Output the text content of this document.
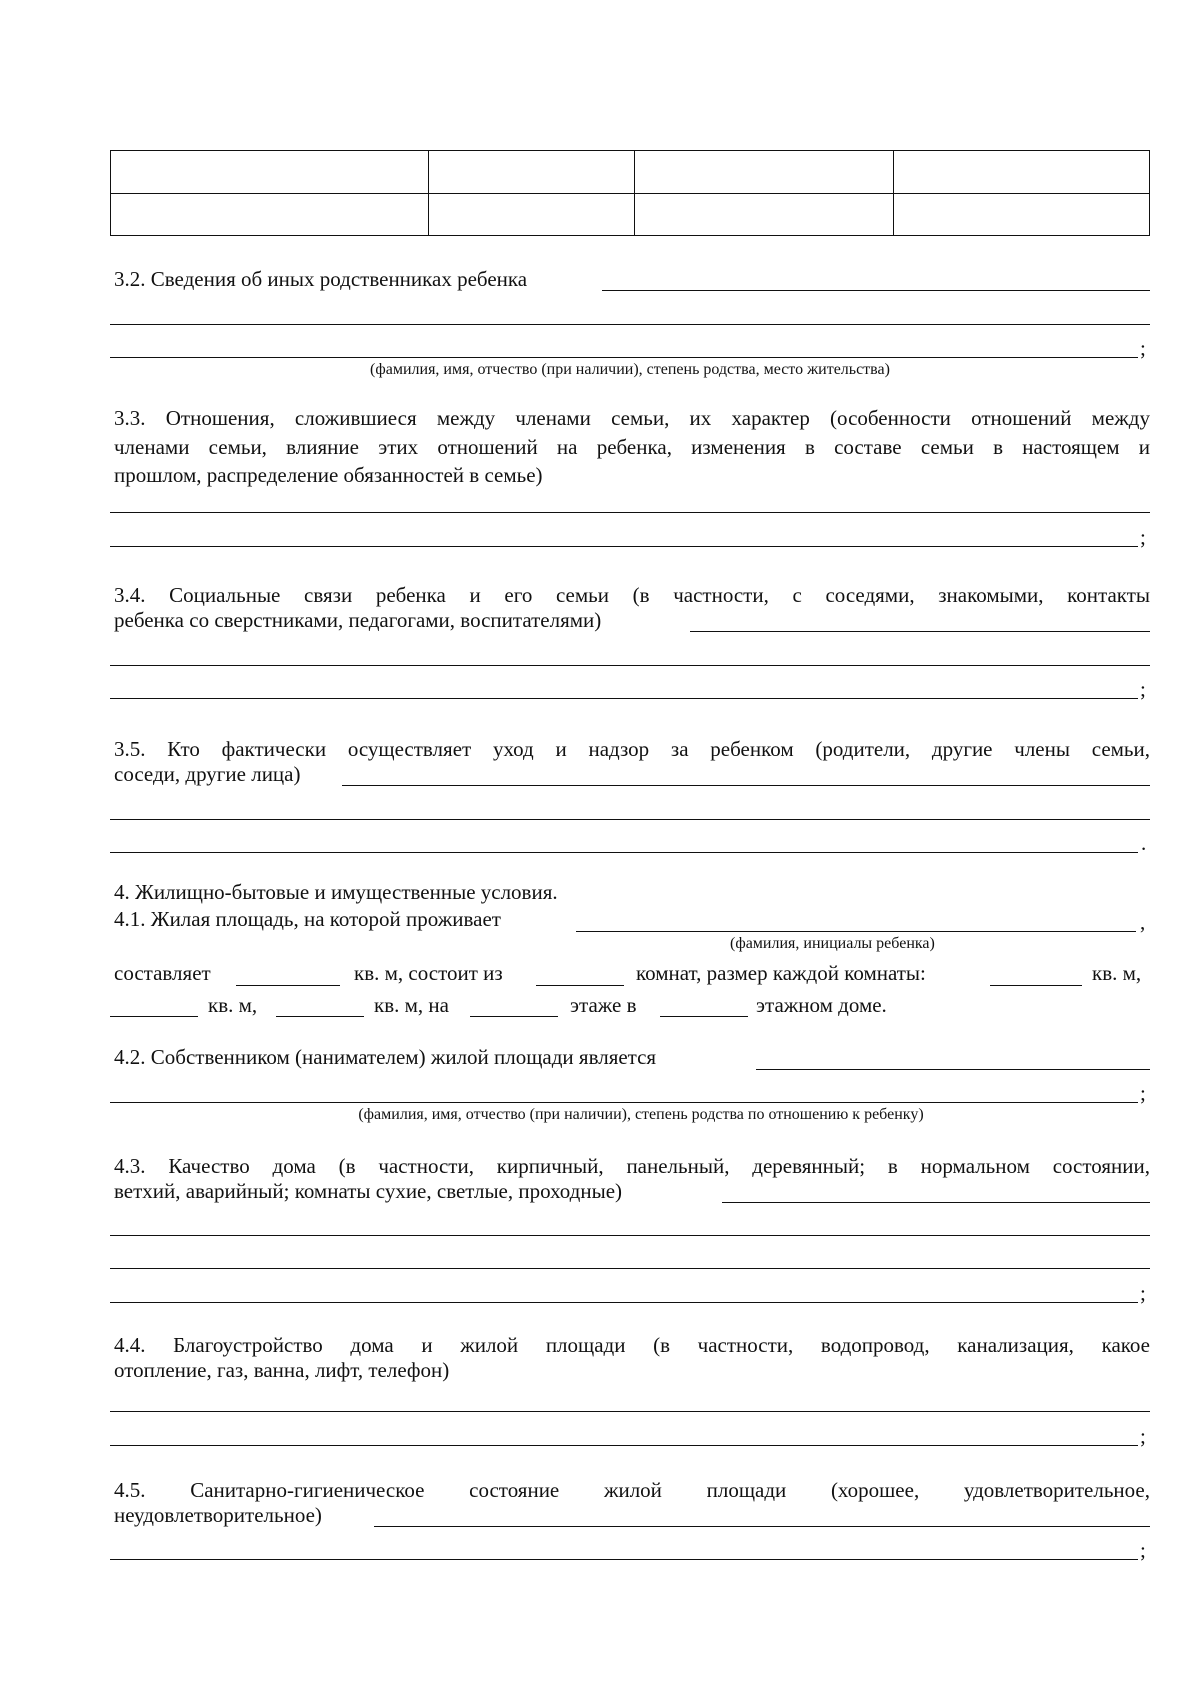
3.2. Сведения об иных родственниках ребенка
;
(фамилия, имя, отчество (при наличии), степень родства, место жительства)
3.3. Отношения, сложившиеся между членами семьи, их характер (особенности отношений между
членами семьи, влияние этих отношений на ребенка, изменения в составе семьи в настоящем и
прошлом, распределение обязанностей в семье)
;
3.4. Социальные связи ребенка и его семьи (в частности, с соседями, знакомыми, контакты
ребенка со сверстниками, педагогами, воспитателями)
;
3.5. Кто фактически осуществляет уход и надзор за ребенком (родители, другие члены семьи,
соседи, другие лица)
.
4. Жилищно-бытовые и имущественные условия.
4.1. Жилая площадь, на которой проживает	,
(фамилия, инициалы ребенка)
составляет	кв. м, состоит из	комнат, размер каждой комнаты:	кв. м,
кв. м,	кв. м, на	этаже в	этажном доме.
4.2. Собственником (нанимателем) жилой площади является
;
(фамилия, имя, отчество (при наличии), степень родства по отношению к ребенку)
4.3. Качество дома (в частности, кирпичный, панельный, деревянный; в нормальном состоянии,
ветхий, аварийный; комнаты сухие, светлые, проходные)
;
4.4. Благоустройство дома и жилой площади (в частности, водопровод, канализация, какое
отопление, газ, ванна, лифт, телефон)
;
4.5. Санитарно-гигиеническое состояние жилой площади (хорошее, удовлетворительное,
неудовлетворительное)
;
